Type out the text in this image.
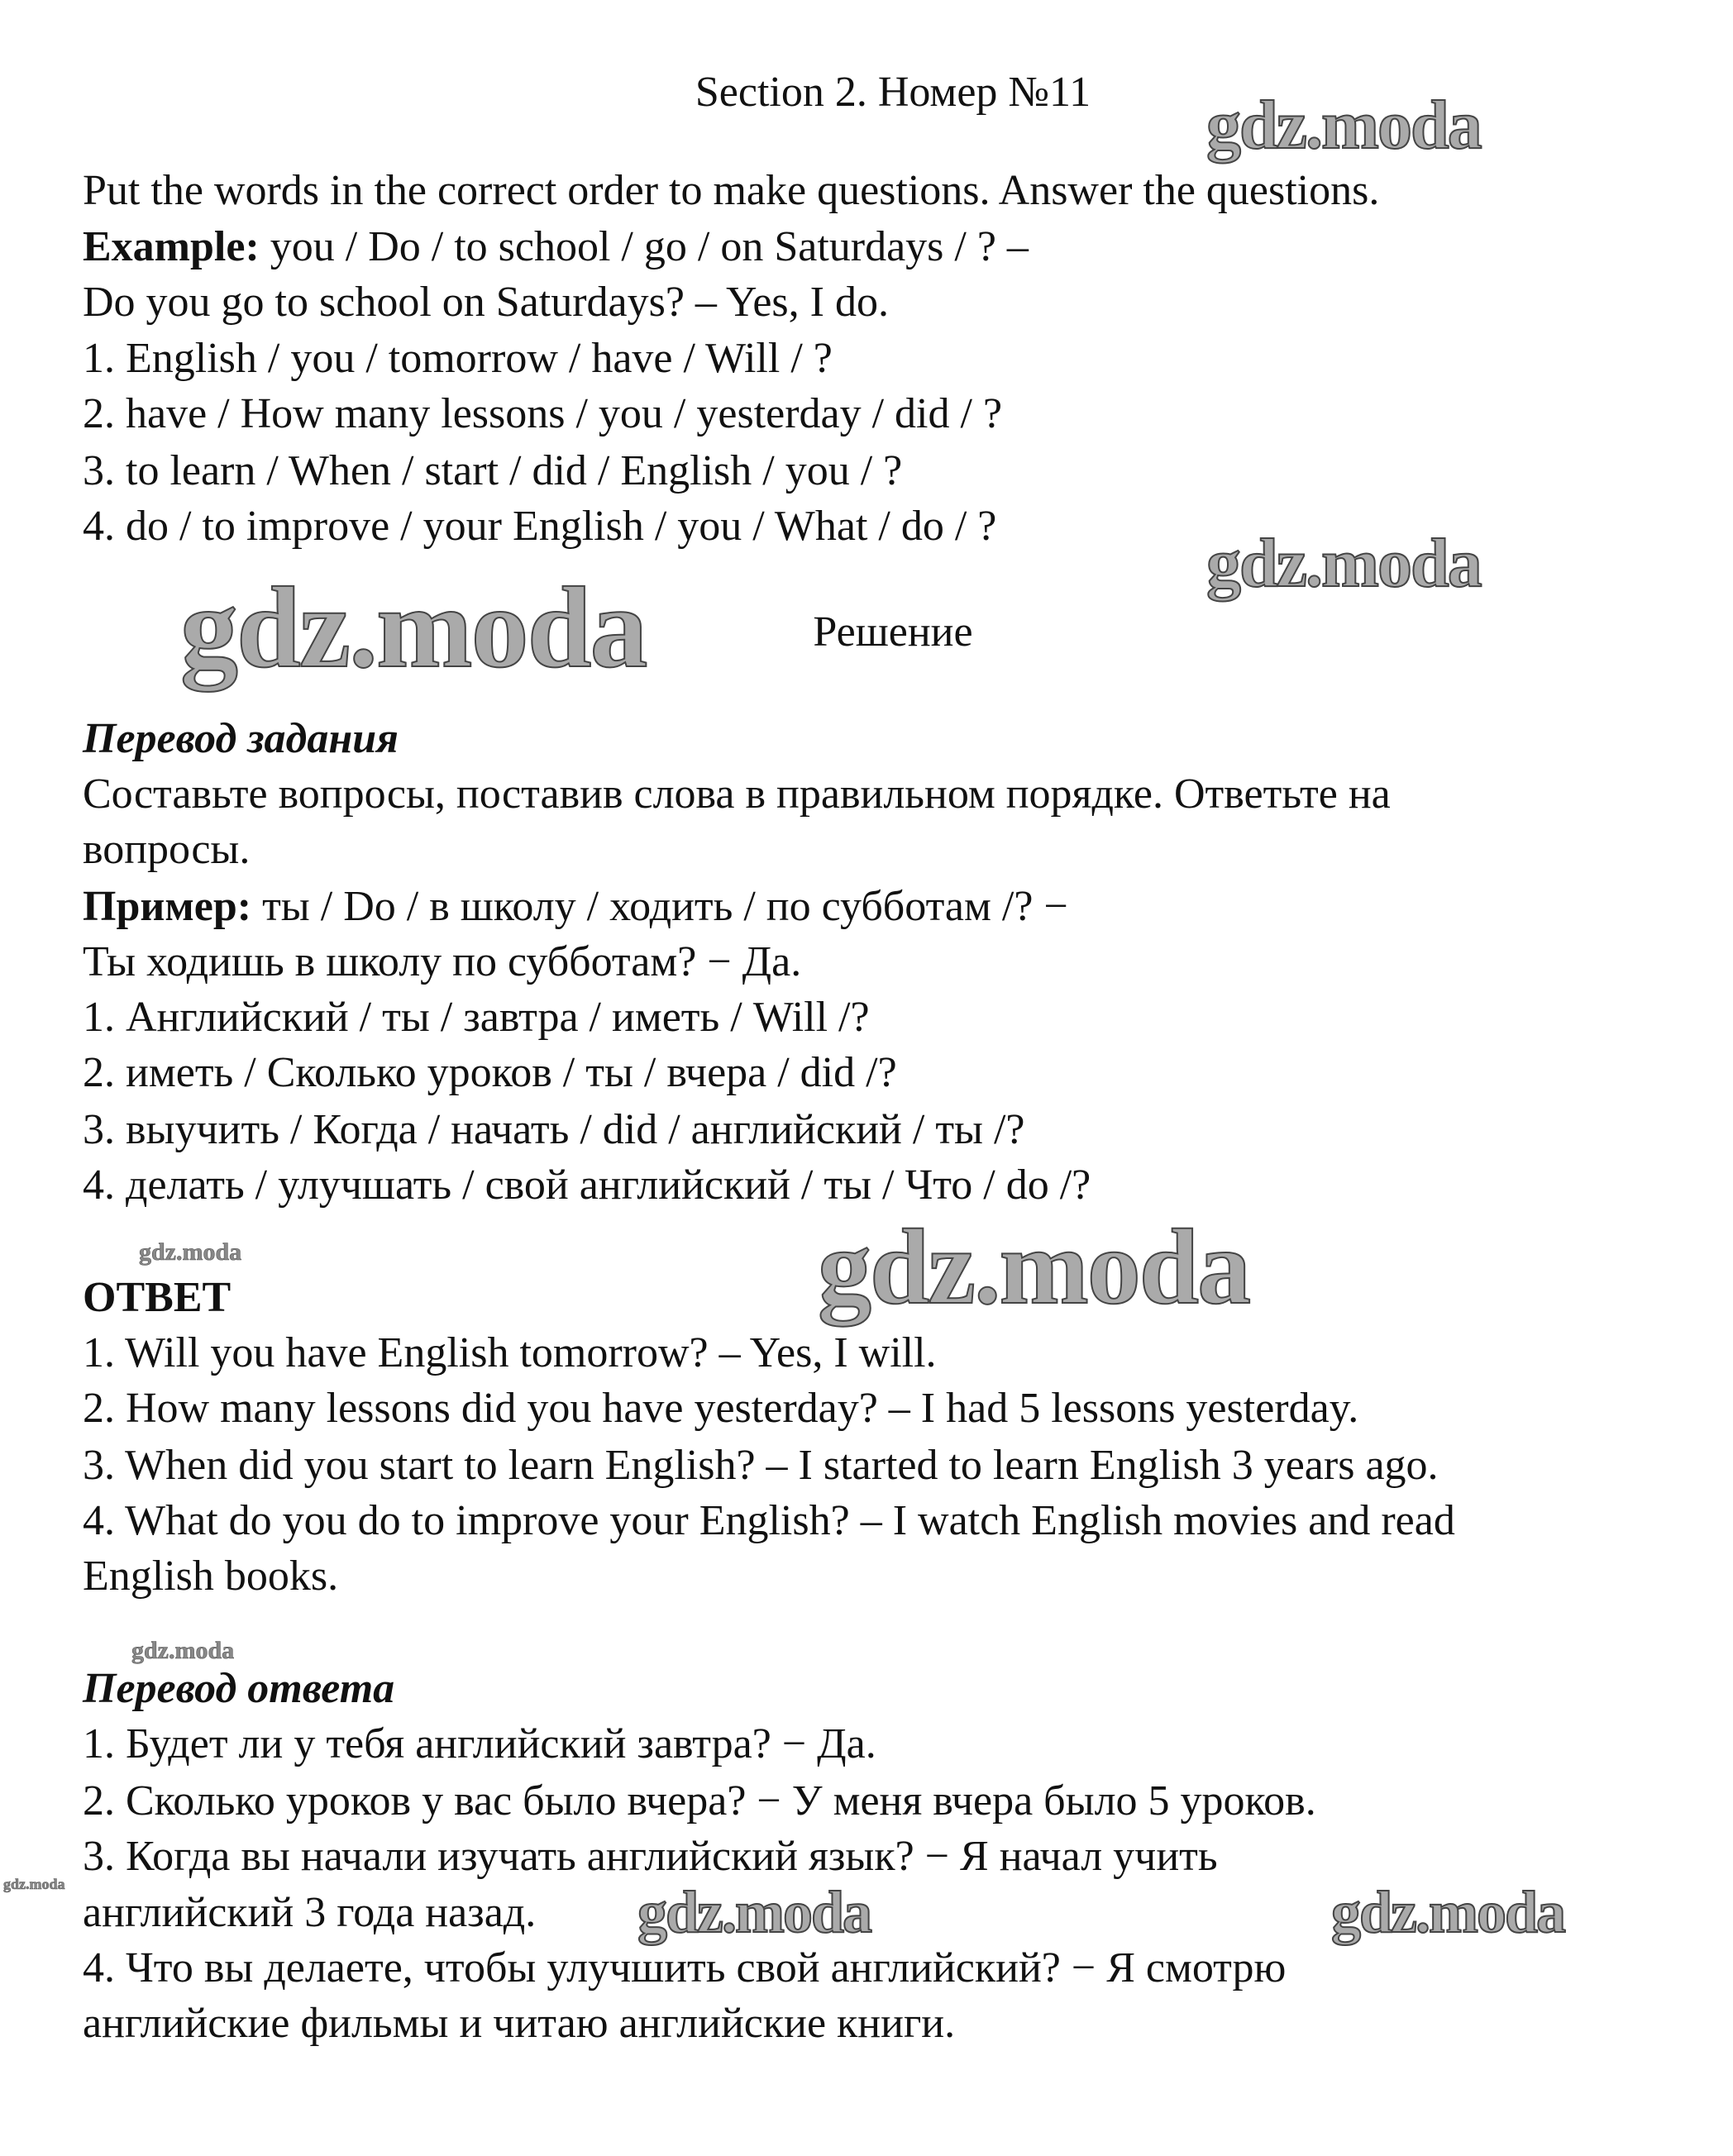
Section 2. Номер №11
Put the words in the correct order to make questions. Answer the questions.
Example: you / Do / to school / go / on Saturdays / ? –
Do you go to school on Saturdays? – Yes, I do.
1. English / you / tomorrow / have / Will / ?
2. have / How many lessons / you / yesterday / did / ?
3. to learn / When / start / did / English / you / ?
4. do / to improve / your English / you / What / do / ?
Решение
Перевод задания
Составьте вопросы, поставив слова в правильном порядке. Ответьте на
вопросы.
Пример: ты / Do / в школу / ходить / по субботам /? −
Ты ходишь в школу по субботам? − Да.
1. Английский / ты / завтра / иметь / Will /?
2. иметь / Сколько уроков / ты / вчера / did /?
3. выучить / Когда / начать / did / английский / ты /?
4. делать / улучшать / свой английский / ты / Что / do /?
ОТВЕТ
1. Will you have English tomorrow? – Yes, I will.
2. How many lessons did you have yesterday? – I had 5 lessons yesterday.
3. When did you start to learn English? – I started to learn English 3 years ago.
4. What do you do to improve your English? – I watch English movies and read
English books.
Перевод ответа
1. Будет ли у тебя английский завтра? − Да.
2. Сколько уроков у вас было вчера? − У меня вчера было 5 уроков.
3. Когда вы начали изучать английский язык? − Я начал учить
английский 3 года назад.
4. Что вы делаете, чтобы улучшить свой английский? − Я смотрю
английские фильмы и читаю английские книги.
gdz.moda
gdz.moda
gdz.moda
gdz.moda
gdz.moda	gdz.moda
gdz.moda
gdz.moda
gdz.moda
